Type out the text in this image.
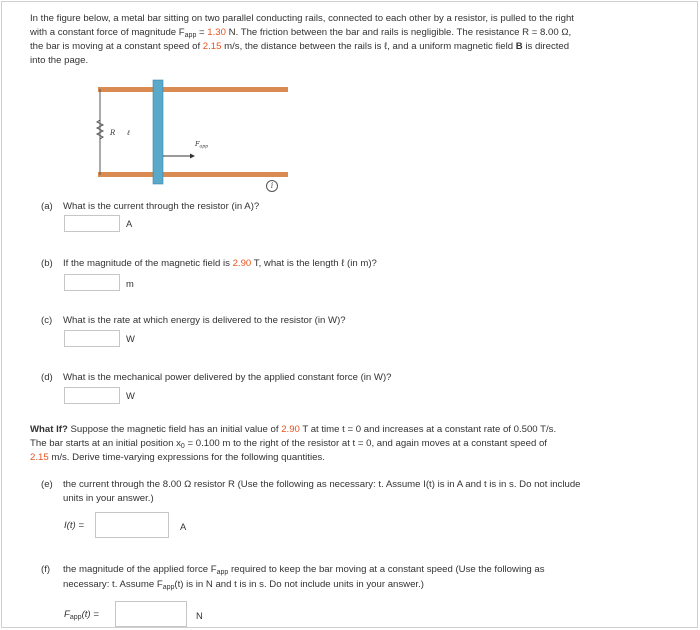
In the figure below, a metal bar sitting on two parallel conducting rails, connected to each other by a resistor, is pulled to the right
with a constant force of magnitude $F_{app} = 1.30$ N. The friction between the bar and rails is negligible. The resistance R = 8.00 Ω,
the bar is moving at a constant speed of 2.15 m/s, the distance between the rails is ℓ, and a uniform magnetic field B is directed
into the page.
R ℓ
$F_{app}$
i
(a) What is the current through the resistor (in A)?
A
(b) If the magnitude of the magnetic field is 2.90 T, what is the length ℓ (in m)?
m
(c) What is the rate at which energy is delivered to the resistor (in W)?
W
(d) What is the mechanical power delivered by the applied constant force (in W)?
W
What If? Suppose the magnetic field has an initial value of 2.90 T at time t = 0 and increases at a constant rate of 0.500 T/s.
The bar starts at an initial position $x_0 = 0.100$ m to the right of the resistor at t = 0, and again moves at a constant speed of
2.15 m/s. Derive time-varying expressions for the following quantities.
(e) the current through the 8.00 Ω resistor R (Use the following as necessary: t. Assume I(t) is in A and t is in s. Do not include
units in your answer.)
I(t) =	A
(f) the magnitude of the applied force $F_{app}$ required to keep the bar moving at a constant speed (Use the following as
necessary: t. Assume $F_{app}(t)$ is in N and t is in s. Do not include units in your answer.)
$F_{app}(t)$ =	N
